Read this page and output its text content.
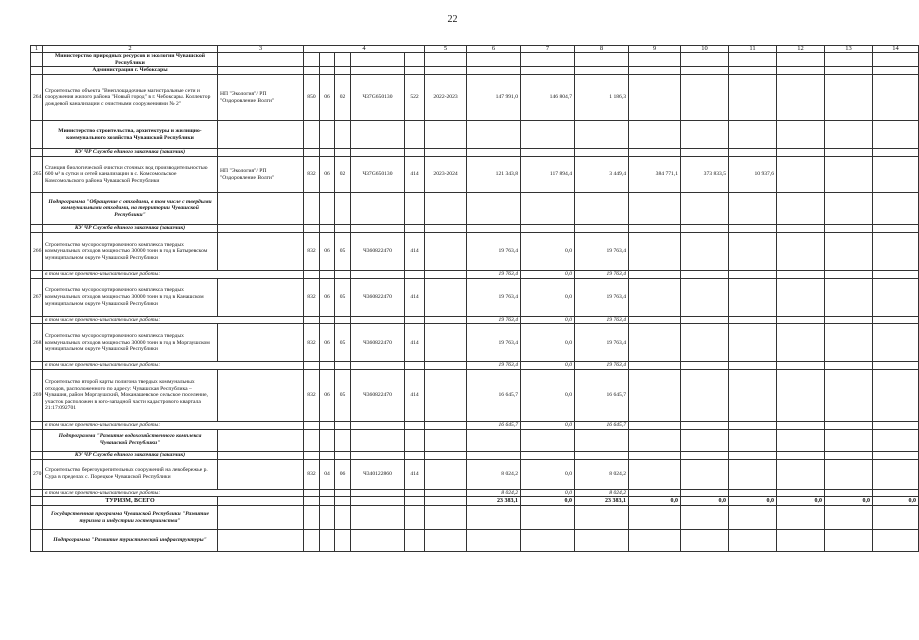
22
1	2	3	4					5	6	7	8	9	10	11	12	13	14
	Министерство природных ресурсов и экологии Чувашской Республики																
	Администрация г. Чебоксары																
264	Строительство объекта "Внеплощадочные магистральные сети и сооружения жилого района "Новый город" в г. Чебоксары. Коллектор дождевой канализации с очистными сооружениями № 2"	НП "Экология"/ РП "Оздоровление Волги"	850	06	02	Ч37G650130	522	2022-2023	147 991,0	146 804,7	1 186,3						
	Министерство строительства, архитектуры и жилищно-коммунального хозяйства Чувашской Республики																
	КУ ЧР Служба единого заказчика (заказчик)																
265	Станция биологической очистки сточных вод производительностью 600 м³ в сутки и сетей канализации в с. Комсомольское Комсомольского района Чувашской Республики	НП "Экология"/ РП "Оздоровление Волги"	832	06	02	Ч37G650130	414	2023-2024	121 343,8	117 894,4	3 449,4	384 771,1	373 833,5	10 937,6			
	Подпрограмма "Обращение с отходами, в том числе с твердыми коммунальными отходами, на территории Чувашской Республики"																
	КУ ЧР Служба единого заказчика (заказчик)																
266	Строительство мусоросортировочного комплекса твердых коммунальных отходов мощностью 30000 тонн в год в Батыревском муниципальном округе Чувашской Республики		832	06	05	Ч360822470	414		19 763,4	0,0	19 763,4						
	в том числе проектно-изыскательские работы:								19 763,4	0,0	19 763,4						
267	Строительство мусоросортировочного комплекса твердых коммунальных отходов мощностью 30000 тонн в год в Канашском муниципальном округе Чувашской Республики		832	06	05	Ч360822470	414		19 763,4	0,0	19 763,4						
	в том числе проектно-изыскательские работы:								19 763,4	0,0	19 763,4						
268	Строительство мусоросортировочного комплекса твердых коммунальных отходов мощностью 30000 тонн в год в Моргаушском муниципальном округе Чувашской Республики		832	06	05	Ч360822470	414		19 763,4	0,0	19 763,4						
	в том числе проектно-изыскательские работы:								19 763,4	0,0	19 763,4						
269	Строительство второй карты полигона твердых коммунальных отходов, расположенного по адресу: Чувашская Республика – Чувашия, район Моргаушский, Моканашевское сельское поселение, участок расположен в юго-западной части кадастрового квартала 21:17:092701		832	06	05	Ч360822470	414		16 645,7	0,0	16 645,7						
	в том числе проектно-изыскательские работы:								16 645,7	0,0	16 645,7						
	Подпрограмма "Развитие водохозяйственного комплекса Чувашской Республики"																
	КУ ЧР Служба единого заказчика (заказчик)																
270	Строительство берегоукрепительных сооружений на левобережье р. Сура в пределах с. Порецкое Чувашской Республики		832	04	06	Ч340122860	414		8 024,2	0,0	8 024,2						
	в том числе проектно-изыскательские работы:								8 024,2	0,0	8 024,2						
	ТУРИЗМ, ВСЕГО								23 383,1	0,0	23 383,1	0,0	0,0	0,0	0,0	0,0	0,0
	Государственная программа Чувашской Республики "Развитие туризма и индустрии гостеприимства"																
	Подпрограмма "Развитие туристической инфраструктуры"																
